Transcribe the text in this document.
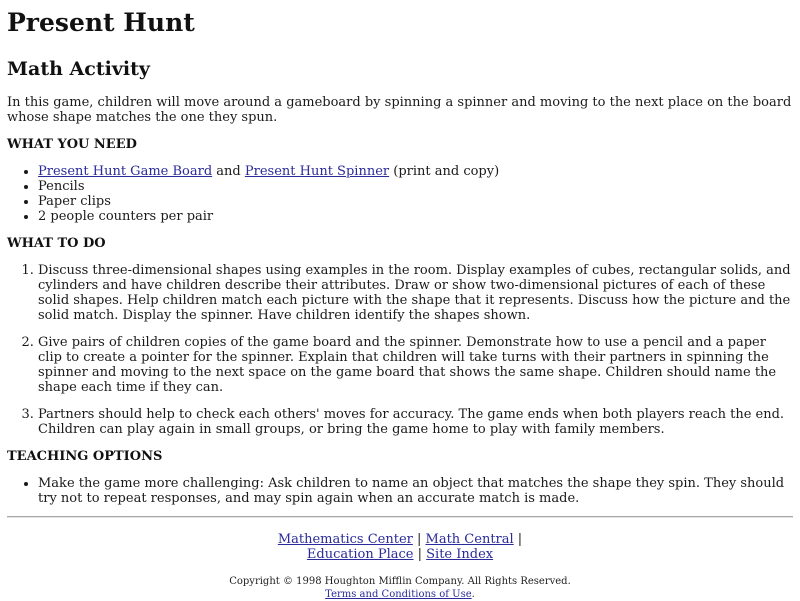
Present Hunt
Math Activity

In this game, children will move around a gameboard by spinning a spinner and moving to the next place on the board whose shape matches the one they spun.

WHAT YOU NEED
• Present Hunt Game Board and Present Hunt Spinner (print and copy)
• Pencils
• Paper clips
• 2 people counters per pair
WHAT TO DO
1. Discuss three-dimensional shapes using examples in the room. Display examples of cubes, rectangular solids, and cylinders and have children describe their attributes. Draw or show two-dimensional pictures of each of these solid shapes. Help children match each picture with the shape that it represents. Discuss how the picture and the solid match. Display the spinner. Have children identify the shapes shown.
2. Give pairs of children copies of the game board and the spinner. Demonstrate how to use a pencil and a paper clip to create a pointer for the spinner. Explain that children will take turns with their partners in spinning the spinner and moving to the next space on the game board that shows the same shape. Children should name the shape each time if they can.
3. Partners should help to check each others' moves for accuracy. The game ends when both players reach the end. Children can play again in small groups, or bring the game home to play with family members.
TEACHING OPTIONS
• Make the game more challenging: Ask children to name an object that matches the shape they spin. They should try not to repeat responses, and may spin again when an accurate match is made.
Mathematics Center | Math Central |
Education Place | Site Index
Copyright © 1998 Houghton Mifflin Company. All Rights Reserved.
Terms and Conditions of Use.
